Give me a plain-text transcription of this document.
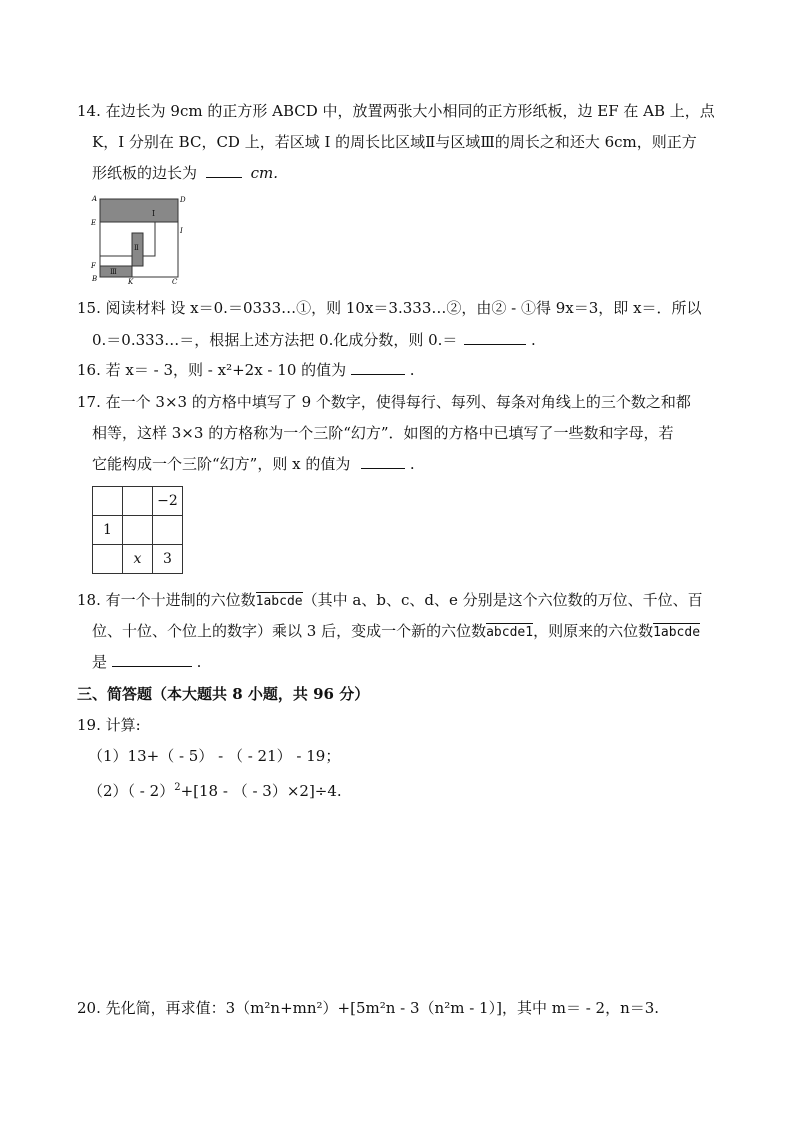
14. 在边长为 9cm 的正方形 ABCD 中，放置两张大小相同的正方形纸板，边 EF 在 AB 上，点
K，I 分别在 BC，CD 上，若区域 I 的周长比区域Ⅱ与区域Ⅲ的周长之和还大 6cm，则正方
形纸板的边长为	cm.
A	D
E
I
F
B	K	C
Ⅰ
Ⅱ
Ⅲ
15. 阅读材料 设 x＝0.＝0333…①，则 10x＝3.333…②，由② - ①得 9x＝3，即 x＝．所以
0.＝0.333…＝，根据上述方法把 0.化成分数，则 0.＝	.
16. 若 x＝ - 3，则 - x²+2x - 10 的值为	.
17. 在一个 3×3 的方格中填写了 9 个数字，使得每行、每列、每条对角线上的三个数之和都
相等，这样 3×3 的方格称为一个三阶“幻方”．如图的方格中已填写了一些数和字母，若
它能构成一个三阶“幻方”，则 x 的值为	.
		−2
1		
	x	3
18. 有一个十进制的六位数1abcde（其中 a、b、c、d、e 分别是这个六位数的万位、千位、百
位、十位、个位上的数字）乘以 3 后，变成一个新的六位数abcde1，则原来的六位数1abcde
是	.
三、简答题（本大题共 8 小题，共 96 分）
19. 计算:
（1）13+（ - 5） - （ - 21） - 19；
（2）（ - 2）$^2$+[18 - （ - 3）×2]÷4.
20. 先化简，再求值：3（m²n+mn²）+[5m²n - 3（n²m - 1）]，其中 m＝ - 2，n＝3.
